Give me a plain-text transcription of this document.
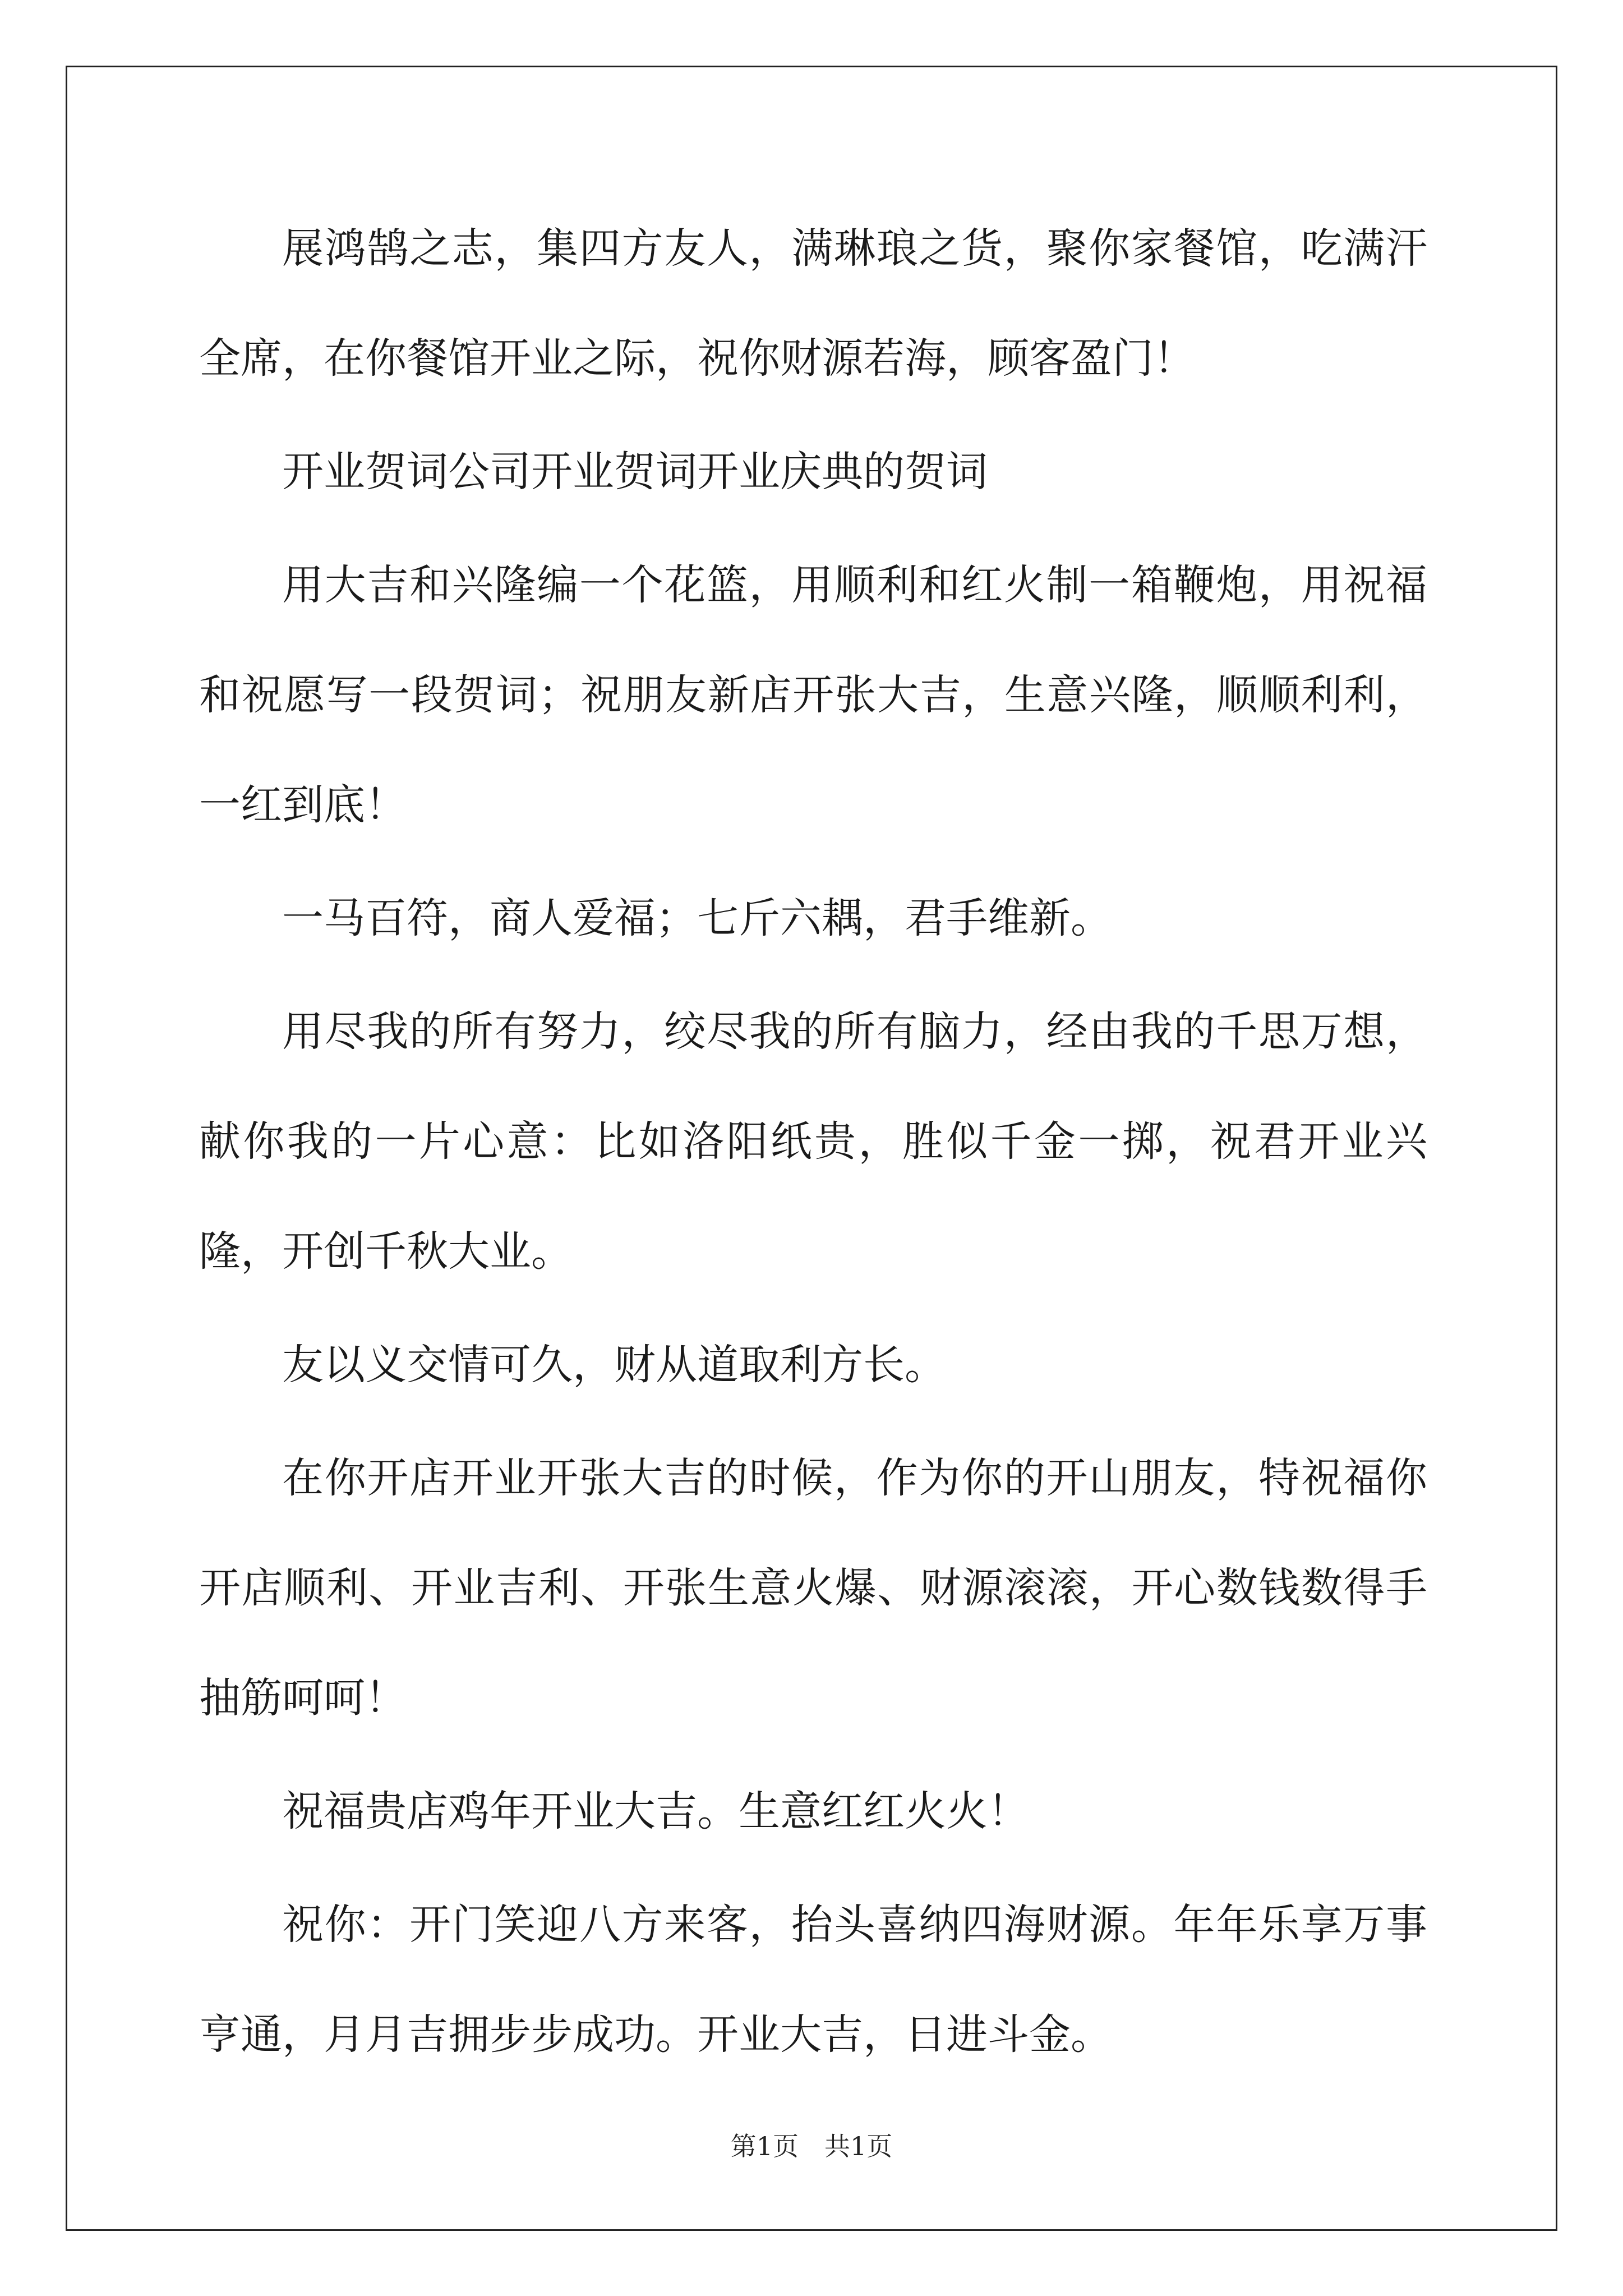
展鸿鹄之志，集四方友人，满琳琅之货，聚你家餐馆，吃满汗全席，在你餐馆开业之际，祝你财源若海，顾客盈门！

开业贺词公司开业贺词开业庆典的贺词

用大吉和兴隆编一个花篮，用顺利和红火制一箱鞭炮，用祝福和祝愿写一段贺词；祝朋友新店开张大吉，生意兴隆，顺顺利利，一红到底！

一马百符，商人爱福；七斤六耦，君手维新。

用尽我的所有努力，绞尽我的所有脑力，经由我的千思万想，献你我的一片心意：比如洛阳纸贵，胜似千金一掷，祝君开业兴隆，开创千秋大业。

友以义交情可久，财从道取利方长。

在你开店开业开张大吉的时候，作为你的开山朋友，特祝福你开店顺利、开业吉利、开张生意火爆、财源滚滚，开心数钱数得手抽筋呵呵！

祝福贵店鸡年开业大吉。生意红红火火！

祝你：开门笑迎八方来客，抬头喜纳四海财源。年年乐享万事亨通，月月吉拥步步成功。开业大吉，日进斗金。

第1页　共1页
